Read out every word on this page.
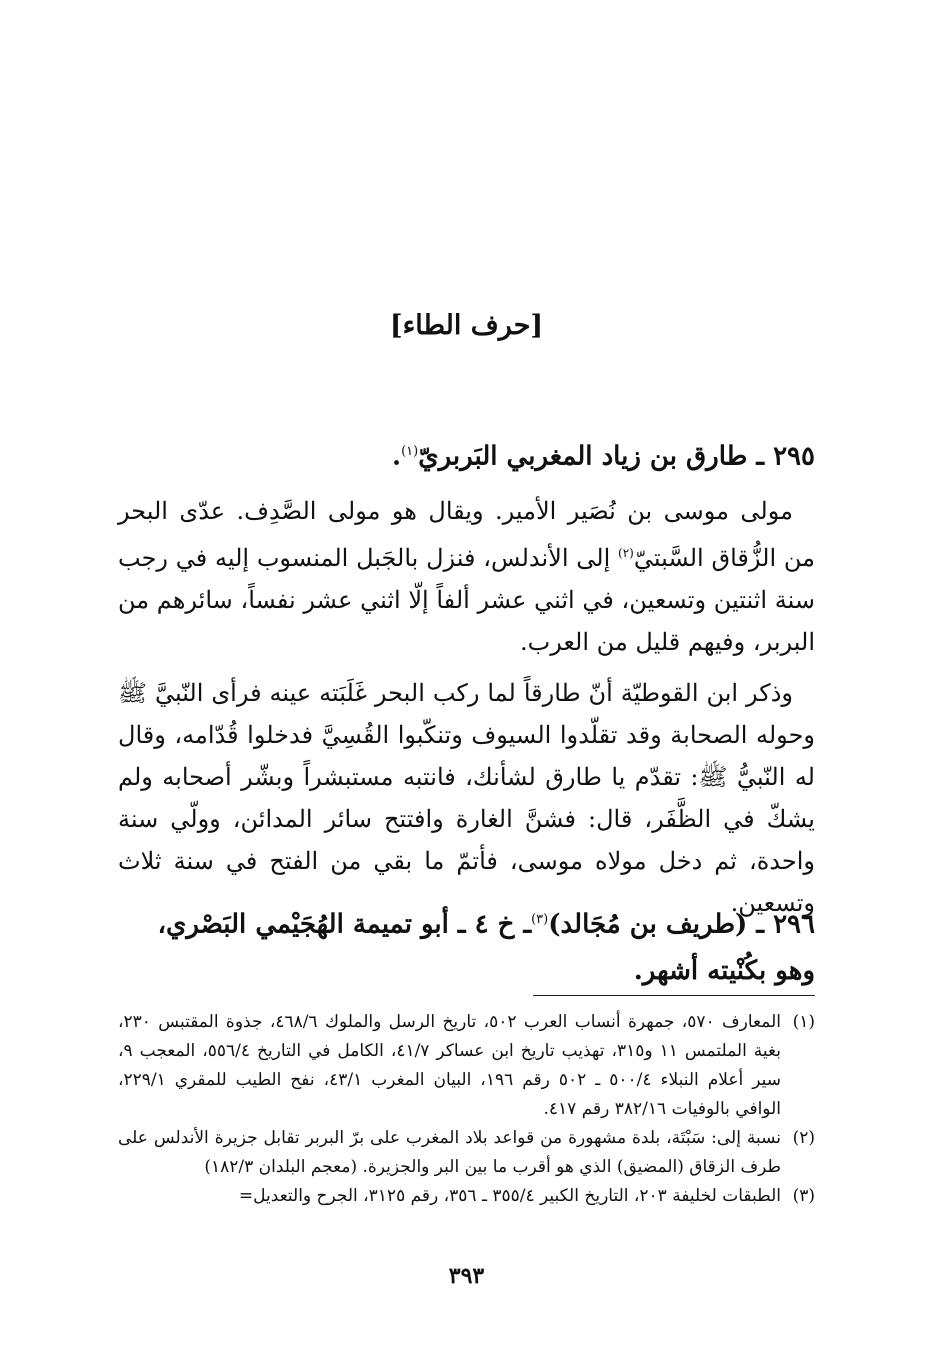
[حرف الطاء]
٢٩٥ ـ طارق بن زياد المغربي البَربريّ$^{(١)}$.
مولى موسى بن نُصَير الأمير. ويقال هو مولى الصَّدِف. عدّى البحر من الزُّقاق السَّبتيّ$^{(٢)}$ إلى الأندلس، فنزل بالجَبل المنسوب إليه في رجب سنة اثنتين وتسعين، في اثني عشر ألفاً إلّا اثني عشر نفساً، سائرهم من البربر، وفيهم قليل من العرب.
وذكر ابن القوطيّة أنّ طارقاً لما ركب البحر غَلَبَته عينه فرأى النّبيَّ ﷺ وحوله الصحابة وقد تقلّدوا السيوف وتنكّبوا القُسِيَّ فدخلوا قُدّامه، وقال له النّبيُّ ﷺ: تقدّم يا طارق لشأنك، فانتبه مستبشراً وبشّر أصحابه ولم يشكّ في الظَّفَر، قال: فشنَّ الغارة وافتتح سائر المدائن، وولّي سنة واحدة، ثم دخل مولاه موسى، فأتمّ ما بقي من الفتح في سنة ثلاث وتسعين.
٢٩٦ ـ (طريف بن مُجَالد)$^{(٣)}$ـ خ ٤ ـ أبو تميمة الهُجَيْمي البَصْري، وهو بكُنْيته أشهر.
(١)
المعارف ٥٧٠، جمهرة أنساب العرب ٥٠٢، تاريخ الرسل والملوك ٤٦٨/٦، جذوة المقتبس ٢٣٠، بغية الملتمس ١١ و٣١٥، تهذيب تاريخ ابن عساكر ٤١/٧، الكامل في التاريخ ٥٥٦/٤، المعجب ٩، سير أعلام النبلاء ٥٠٠/٤ ـ ٥٠٢ رقم ١٩٦، البيان المغرب ٤٣/١، نفح الطيب للمقري ٢٢٩/١، الوافي بالوفيات ٣٨٢/١٦ رقم ٤١٧.
(٢)
نسبة إلى: سَبْتَة، بلدة مشهورة من قواعد بلاد المغرب على برّ البربر تقابل جزيرة الأندلس على طرف الزقاق (المضيق) الذي هو أقرب ما بين البر والجزيرة. (معجم البلدان ١٨٢/٣)
(٣)
الطبقات لخليفة ٢٠٣، التاريخ الكبير ٣٥٥/٤ ـ ٣٥٦، رقم ٣١٢٥، الجرح والتعديل=
٣٩٣
